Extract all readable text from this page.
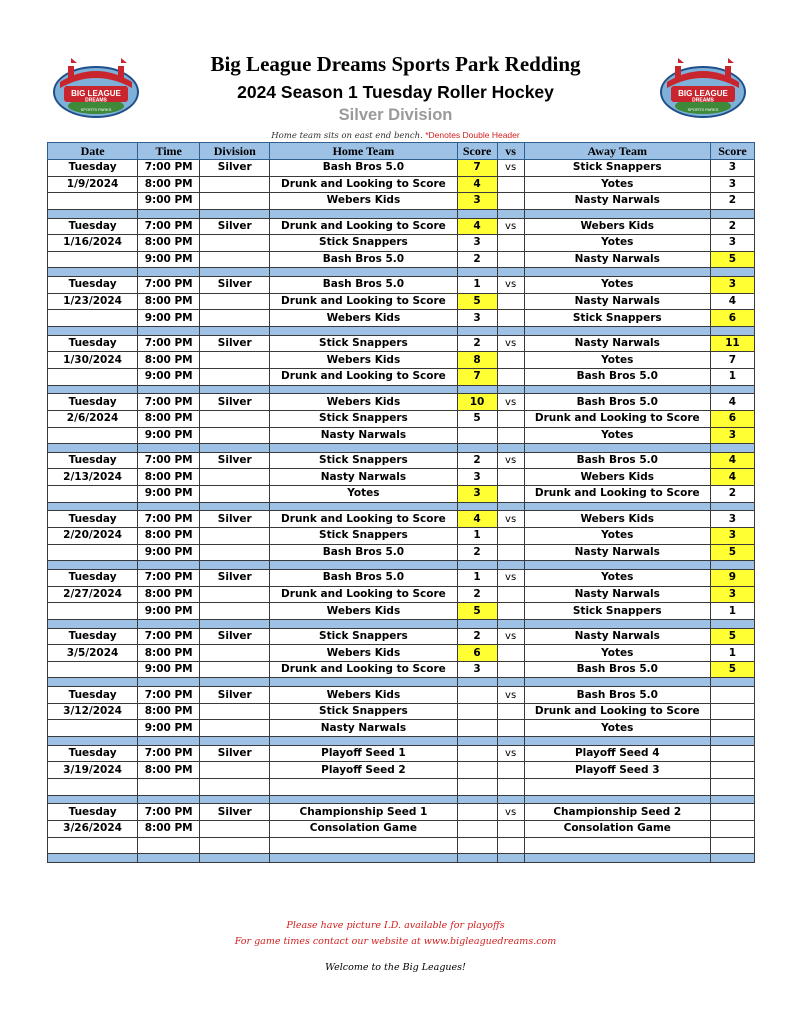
BIG LEAGUE
DREAMS
SPORTS PARKS
BIG LEAGUE
DREAMS
SPORTS PARKS
Big League Dreams Sports Park Redding
2024 Season 1 Tuesday Roller Hockey
Silver Division
Home team sits on east end bench. *Denotes Double Header
Date	Time	Division	Home Team	Score	vs	Away Team	Score
Tuesday	7:00 PM	Silver	Bash Bros 5.0	7	vs	Stick Snappers	3
1/9/2024	8:00 PM		Drunk and Looking to Score	4		Yotes	3
	9:00 PM		Webers Kids	3		Nasty Narwals	2

Tuesday	7:00 PM	Silver	Drunk and Looking to Score	4	vs	Webers Kids	2
1/16/2024	8:00 PM		Stick Snappers	3		Yotes	3
	9:00 PM		Bash Bros 5.0	2		Nasty Narwals	5

Tuesday	7:00 PM	Silver	Bash Bros 5.0	1	vs	Yotes	3
1/23/2024	8:00 PM		Drunk and Looking to Score	5		Nasty Narwals	4
	9:00 PM		Webers Kids	3		Stick Snappers	6

Tuesday	7:00 PM	Silver	Stick Snappers	2	vs	Nasty Narwals	11
1/30/2024	8:00 PM		Webers Kids	8		Yotes	7
	9:00 PM		Drunk and Looking to Score	7		Bash Bros 5.0	1

Tuesday	7:00 PM	Silver	Webers Kids	10	vs	Bash Bros 5.0	4
2/6/2024	8:00 PM		Stick Snappers	5		Drunk and Looking to Score	6
	9:00 PM		Nasty Narwals			Yotes	3

Tuesday	7:00 PM	Silver	Stick Snappers	2	vs	Bash Bros 5.0	4
2/13/2024	8:00 PM		Nasty Narwals	3		Webers Kids	4
	9:00 PM		Yotes	3		Drunk and Looking to Score	2

Tuesday	7:00 PM	Silver	Drunk and Looking to Score	4	vs	Webers Kids	3
2/20/2024	8:00 PM		Stick Snappers	1		Yotes	3
	9:00 PM		Bash Bros 5.0	2		Nasty Narwals	5

Tuesday	7:00 PM	Silver	Bash Bros 5.0	1	vs	Yotes	9
2/27/2024	8:00 PM		Drunk and Looking to Score	2		Nasty Narwals	3
	9:00 PM		Webers Kids	5		Stick Snappers	1

Tuesday	7:00 PM	Silver	Stick Snappers	2	vs	Nasty Narwals	5
3/5/2024	8:00 PM		Webers Kids	6		Yotes	1
	9:00 PM		Drunk and Looking to Score	3		Bash Bros 5.0	5

Tuesday	7:00 PM	Silver	Webers Kids		vs	Bash Bros 5.0	
3/12/2024	8:00 PM		Stick Snappers			Drunk and Looking to Score	
	9:00 PM		Nasty Narwals			Yotes	

Tuesday	7:00 PM	Silver	Playoff Seed 1		vs	Playoff Seed 4	
3/19/2024	8:00 PM		Playoff Seed 2			Playoff Seed 3	

Tuesday	7:00 PM	Silver	Championship Seed 1		vs	Championship Seed 2	
3/26/2024	8:00 PM		Consolation Game			Consolation Game	

Please have picture I.D. available for playoffs
For game times contact our website at www.bigleaguedreams.com
Welcome to the Big Leagues!
